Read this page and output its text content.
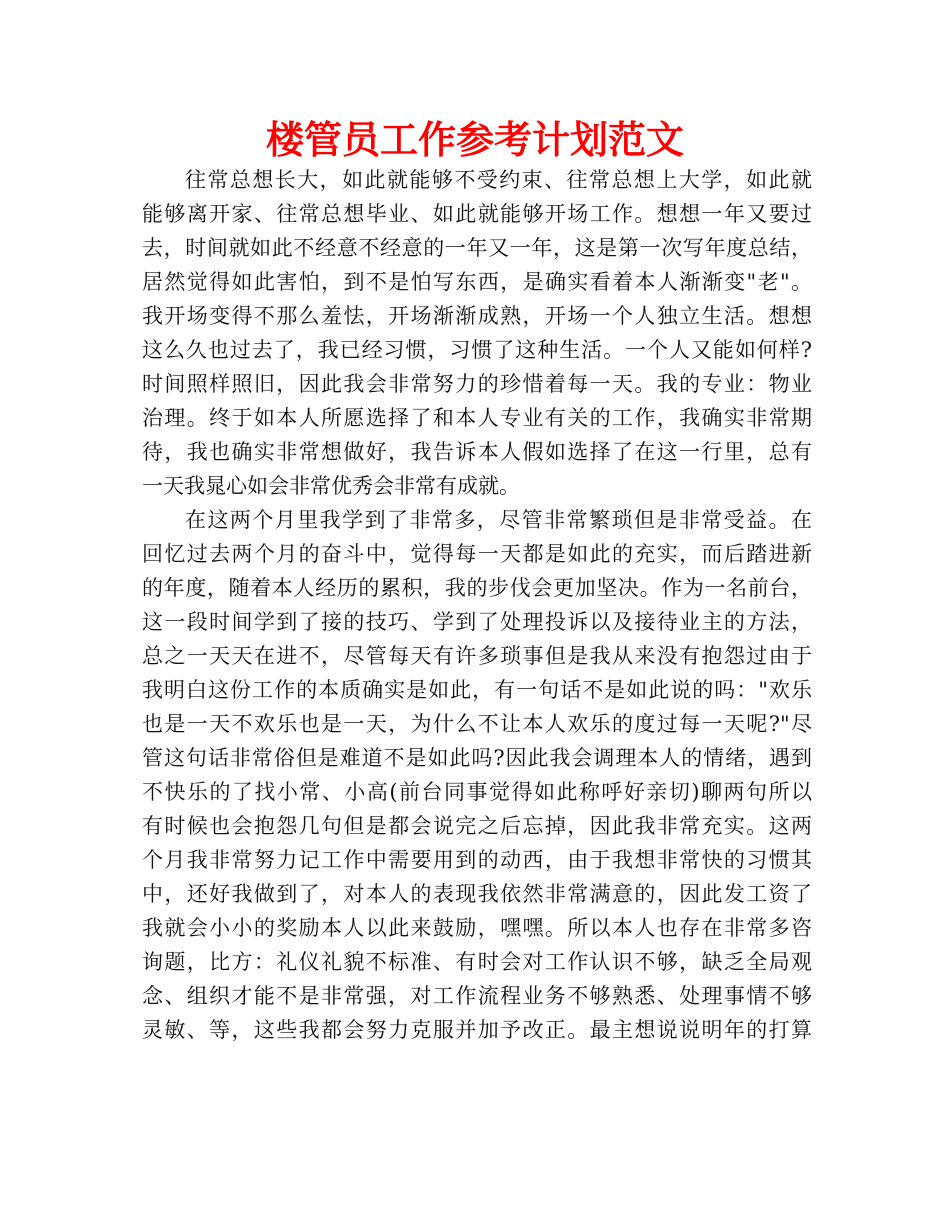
楼管员工作参考计划范文
往常总想长大，如此就能够不受约束、往常总想上大学，如此就
能够离开家、往常总想毕业、如此就能够开场工作。想想一年又要过
去，时间就如此不经意不经意的一年又一年，这是第一次写年度总结，
居然觉得如此害怕，到不是怕写东西，是确实看着本人渐渐变"老"。
我开场变得不那么羞怯，开场渐渐成熟，开场一个人独立生活。想想
这么久也过去了，我已经习惯，习惯了这种生活。一个人又能如何样?
时间照样照旧，因此我会非常努力的珍惜着每一天。我的专业：物业
治理。终于如本人所愿选择了和本人专业有关的工作，我确实非常期
待，我也确实非常想做好，我告诉本人假如选择了在这一行里，总有
一天我晁心如会非常优秀会非常有成就。
在这两个月里我学到了非常多，尽管非常繁琐但是非常受益。在
回忆过去两个月的奋斗中，觉得每一天都是如此的充实，而后踏进新
的年度，随着本人经历的累积，我的步伐会更加坚决。作为一名前台，
这一段时间学到了接的技巧、学到了处理投诉以及接待业主的方法，
总之一天天在进不，尽管每天有许多琐事但是我从来没有抱怨过由于
我明白这份工作的本质确实是如此，有一句话不是如此说的吗："欢乐
也是一天不欢乐也是一天，为什么不让本人欢乐的度过每一天呢?"尽
管这句话非常俗但是难道不是如此吗?因此我会调理本人的情绪，遇到
不快乐的了找小常、小高(前台同事觉得如此称呼好亲切)聊两句所以
有时候也会抱怨几句但是都会说完之后忘掉，因此我非常充实。这两
个月我非常努力记工作中需要用到的动西，由于我想非常快的习惯其
中，还好我做到了，对本人的表现我依然非常满意的，因此发工资了
我就会小小的奖励本人以此来鼓励，嘿嘿。所以本人也存在非常多咨
询题，比方：礼仪礼貌不标准、有时会对工作认识不够，缺乏全局观
念、组织才能不是非常强，对工作流程业务不够熟悉、处理事情不够
灵敏、等，这些我都会努力克服并加予改正。最主想说说明年的打算
